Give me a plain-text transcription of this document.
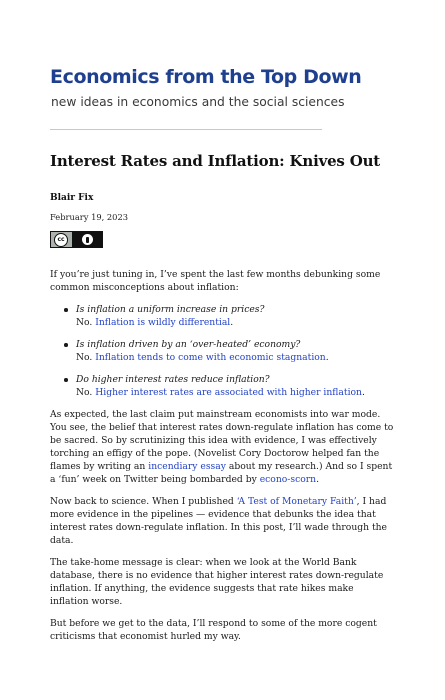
Economics from the Top Down
new ideas in economics and the social sciences
Interest Rates and Inflation: Knives Out
Blair Fix
February 19, 2023
cc

If you’re just tuning in, I’ve spent the last few months debunking some common misconceptions about inflation:

Is inflation a uniform increase in prices?
No. Inflation is wildly differential.
Is inflation driven by an ‘over-heated’ economy?
No. Inflation tends to come with economic stagnation.
Do higher interest rates reduce inflation?
No. Higher interest rates are associated with higher inflation.

As expected, the last claim put mainstream economists into war mode. You see, the belief that interest rates down-regulate inflation has come to be sacred. So by scrutinizing this idea with evidence, I was effectively torching an effigy of the pope. (Novelist Cory Doctorow helped fan the flames by writing an incendiary essay about my research.) And so I spent a ‘fun’ week on Twitter being bombarded by econo-scorn.

Now back to science. When I published ‘A Test of Monetary Faith’, I had more evidence in the pipelines — evidence that debunks the idea that interest rates down-regulate inflation. In this post, I’ll wade through the data.

The take-home message is clear: when we look at the World Bank database, there is no evidence that higher interest rates down-regulate inflation. If anything, the evidence suggests that rate hikes make inflation worse.

But before we get to the data, I’ll respond to some of the more cogent criticisms that economist hurled my way.
